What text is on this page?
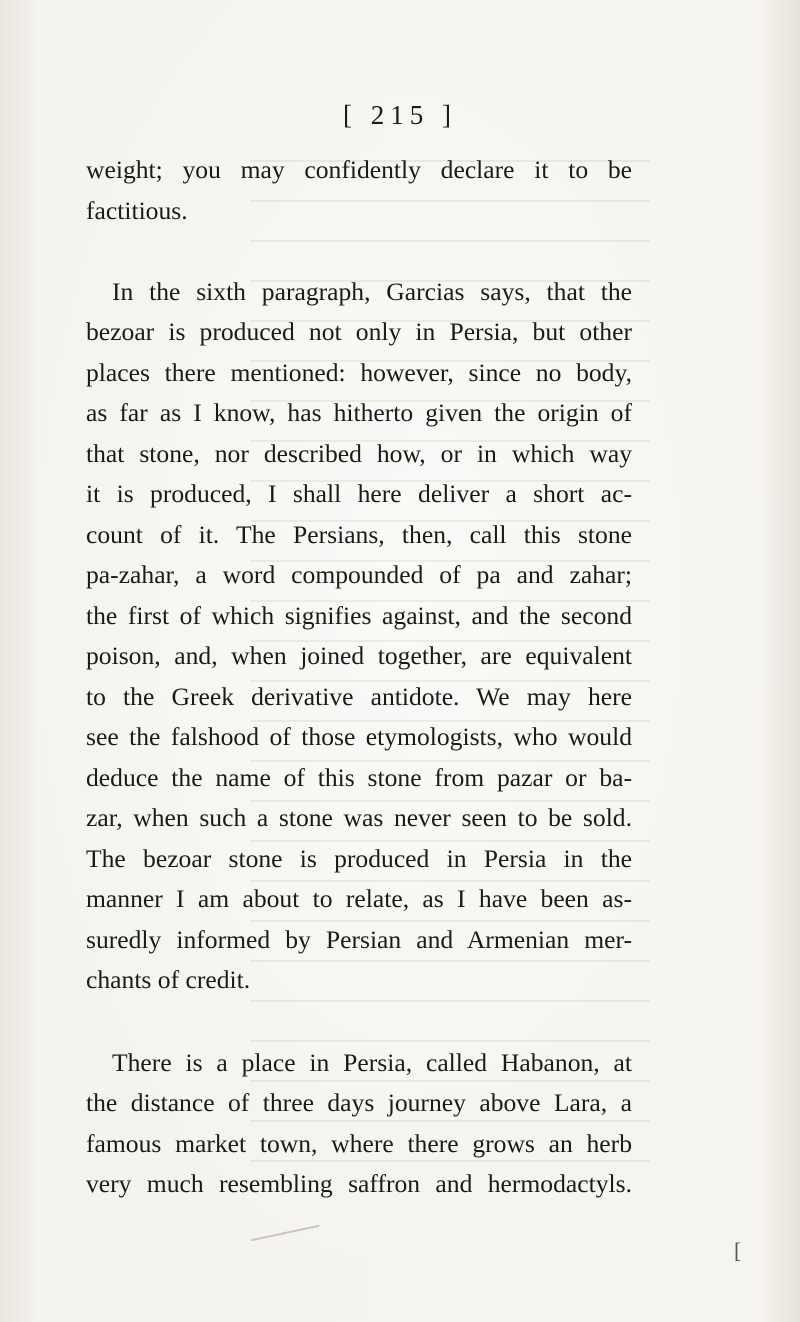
[ 215 ]
weight; you may confidently declare it to be
factitious.
In the sixth paragraph, Garcias says, that the
bezoar is produced not only in Persia, but other
places there mentioned: however, since no body,
as far as I know, has hitherto given the origin of
that stone, nor described how, or in which way
it is produced, I shall here deliver a short ac-
count of it. The Persians, then, call this stone
pa-zahar, a word compounded of pa and zahar;
the first of which signifies against, and the second
poison, and, when joined together, are equivalent
to the Greek derivative antidote. We may here
see the falshood of those etymologists, who would
deduce the name of this stone from pazar or ba-
zar, when such a stone was never seen to be sold.
The bezoar stone is produced in Persia in the
manner I am about to relate, as I have been as-
suredly informed by Persian and Armenian mer-
chants of credit.
There is a place in Persia, called Habanon, at
the distance of three days journey above Lara, a
famous market town, where there grows an herb
very much resembling saffron and hermodactyls.
[
